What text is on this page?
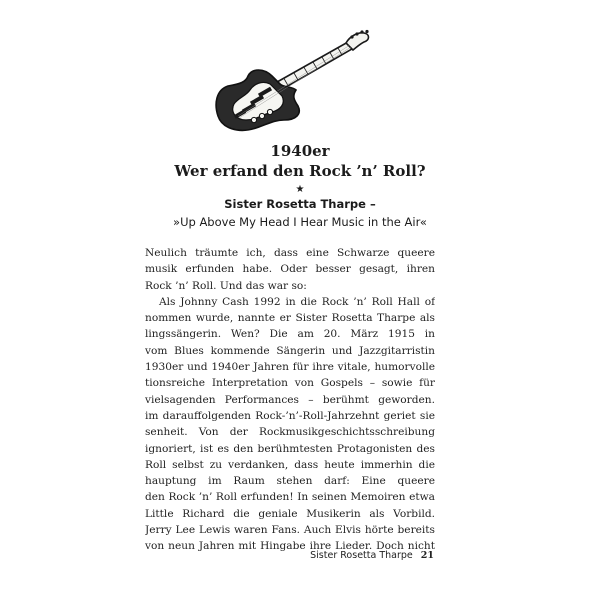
1940er
Wer erfand den Rock ’n’ Roll?
★
Sister Rosetta Tharpe –
»Up Above My Head I Hear Music in the Air«
Neulich träumte ich, dass eine Schwarze queere
musik erfunden habe. Oder besser gesagt, ihren
Rock ’n’ Roll. Und das war so:
Als Johnny Cash 1992 in die Rock ’n’ Roll Hall of
nommen wurde, nannte er Sister Rosetta Tharpe als
lingssängerin. Wen? Die am 20. März 1915 in
vom Blues kommende Sängerin und Jazzgitarristin
1930er und 1940er Jahren für ihre vitale, humorvolle
tionsreiche Interpretation von Gospels – sowie für
vielsagenden Performances – berühmt geworden.
im darauffolgenden Rock-’n’-Roll-Jahrzehnt geriet sie
senheit. Von der Rockmusikgeschichtsschreibung
ignoriert, ist es den berühmtesten Protagonisten des
Roll selbst zu verdanken, dass heute immerhin die
hauptung im Raum stehen darf: Eine queere
den Rock ’n’ Roll erfunden! In seinen Memoiren etwa
Little Richard die geniale Musikerin als Vorbild.
Jerry Lee Lewis waren Fans. Auch Elvis hörte bereits
von neun Jahren mit Hingabe ihre Lieder. Doch nicht
Sister Rosetta Tharpe 21
